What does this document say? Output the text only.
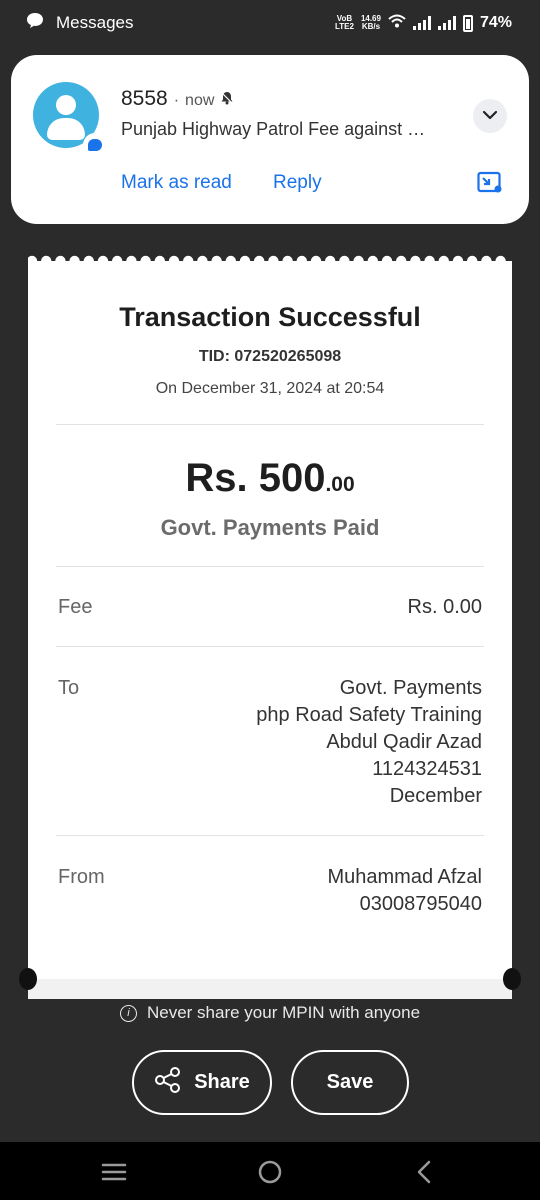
Messages	VoB
LTE2
14.69
KB/s	74%
8558 · now
Punjab Highway Patrol Fee against …
Mark as read Reply
Transaction Successful
TID: 072520265098
On December 31, 2024 at 20:54
Rs. 500.00
Govt. Payments Paid
Fee	Rs. 0.00
To	Govt. Payments
php Road Safety Training
Abdul Qadir Azad
1124324531
December
From	Muhammad Afzal
03008795040
i	Never share your MPIN with anyone
Share	Save
